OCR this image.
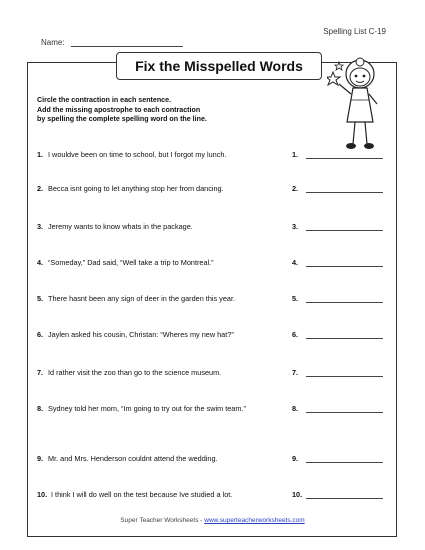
Spelling List C-19
Name:
Fix the Misspelled Words
Circle the contraction in each sentence.
Add the missing apostrophe to each contraction
by spelling the complete spelling word on the line.
1. I wouldve been on time to school, but I forgot my lunch.	1.
2. Becca isnt going to let anything stop her from dancing.	2.
3. Jeremy wants to know whats in the package.	3.
4. “Someday,” Dad said, “Well take a trip to Montreal.”	4.
5. There hasnt been any sign of deer in the garden this year.	5.
6. Jaylen asked his cousin, Christan: “Wheres my new hat?”	6.
7. Id rather visit the zoo than go to the science museum.	7.
8. Sydney told her mom, “Im going to try out for the swim team.”	8.
9. Mr. and Mrs. Henderson couldnt attend the wedding.	9.
10. I think I will do well on the test because Ive studied a lot.	10.
Super Teacher Worksheets - www.superteacherworksheets.com
